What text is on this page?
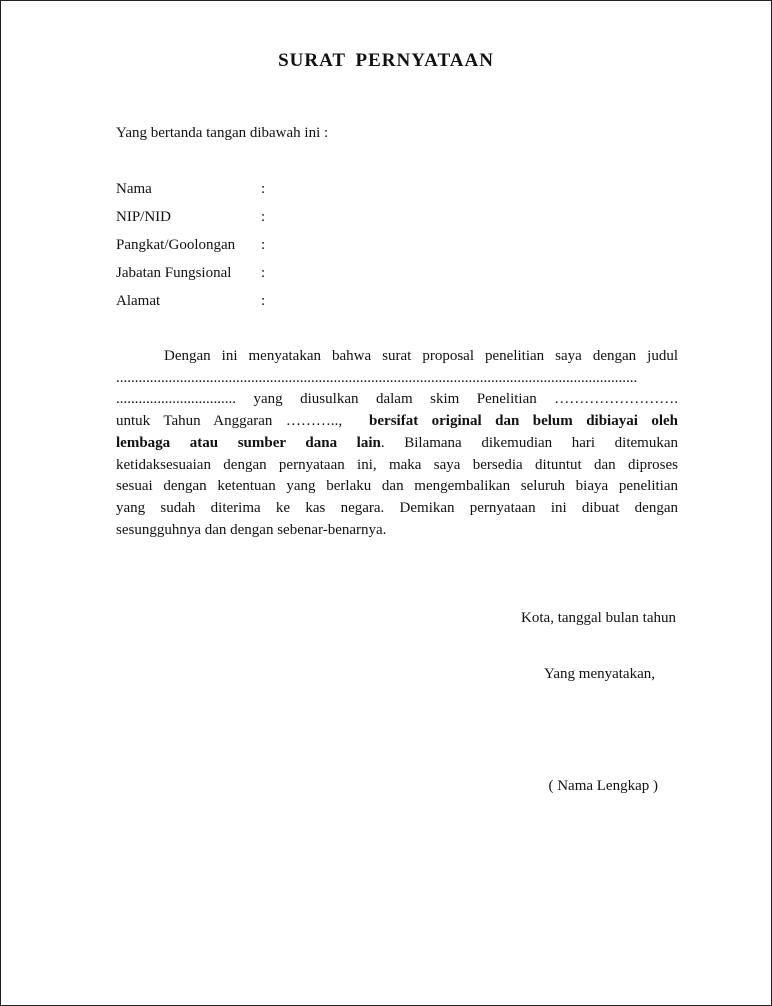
SURAT PERNYATAAN
Yang bertanda tangan dibawah ini :
Nama	:
NIP/NID	:
Pangkat/Goolongan :
Jabatan Fungsional :
Alamat	:
Dengan ini menyatakan bahwa surat proposal penelitian saya dengan judul
...........................................................................................................................................
................................ yang diusulkan dalam skim Penelitian …………………….
untuk Tahun Anggaran ……….., bersifat original dan belum dibiayai oleh
lembaga atau sumber dana lain. Bilamana dikemudian hari ditemukan
ketidaksesuaian dengan pernyataan ini, maka saya bersedia dituntut dan diproses
sesuai dengan ketentuan yang berlaku dan mengembalikan seluruh biaya penelitian
yang sudah diterima ke kas negara. Demikan pernyataan ini dibuat dengan
sesungguhnya dan dengan sebenar-benarnya.
Kota, tanggal bulan tahun
Yang menyatakan,
( Nama Lengkap )
